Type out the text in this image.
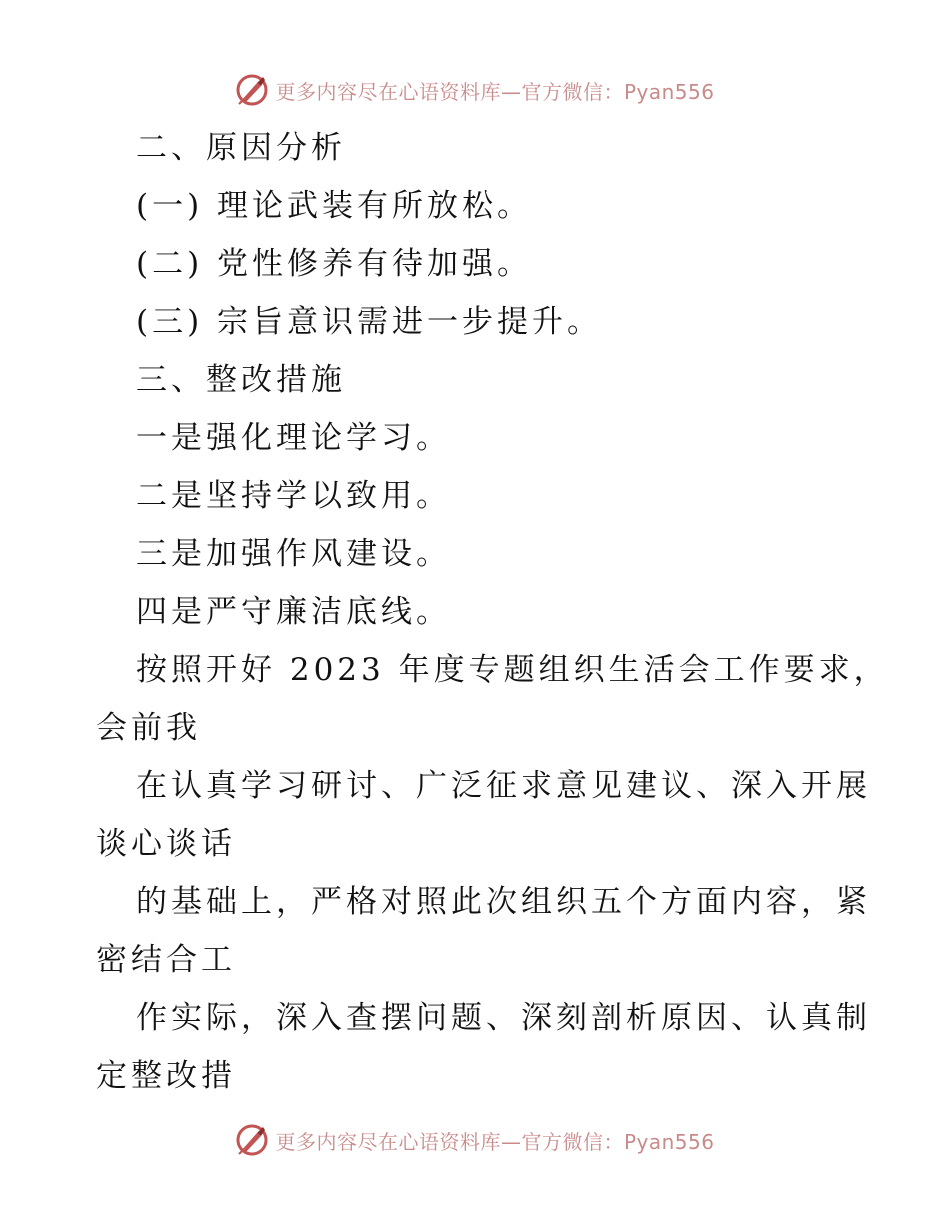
更多内容尽在心语资料库—官方微信：Pyan556
二、原因分析
(一) 理论武装有所放松。
(二) 党性修养有待加强。
(三) 宗旨意识需进一步提升。
三、整改措施
一是强化理论学习。
二是坚持学以致用。
三是加强作风建设。
四是严守廉洁底线。
按照开好 2023 年度专题组织生活会工作要求，
会前我
在认真学习研讨、广泛征求意见建议、深入开展
谈心谈话
的基础上，严格对照此次组织五个方面内容，紧
密结合工
作实际，深入查摆问题、深刻剖析原因、认真制
定整改措
更多内容尽在心语资料库—官方微信：Pyan556
